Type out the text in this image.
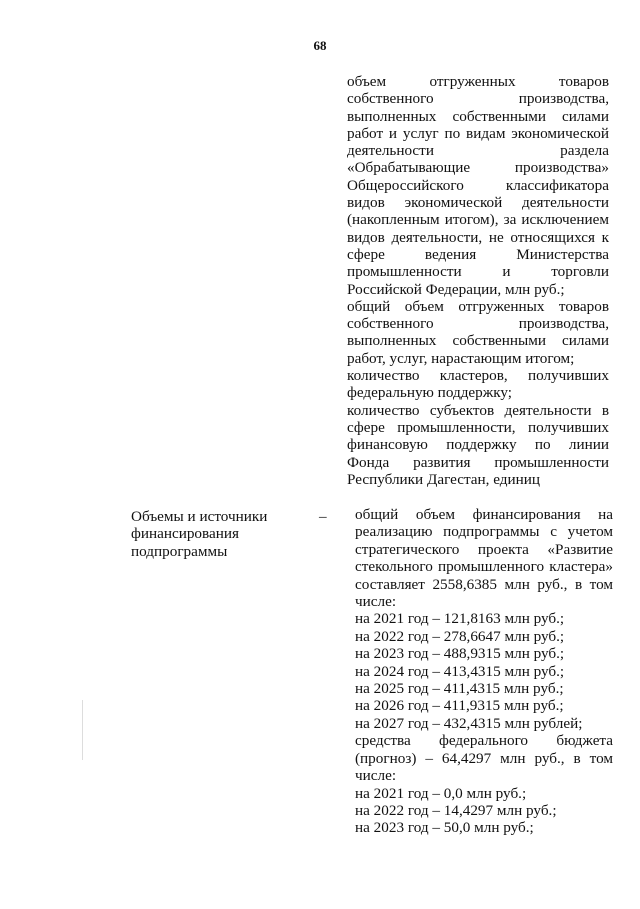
68

объем отгруженных товаров собственного производства, выполненных собственными силами работ и услуг по видам экономической деятельности раздела «Обрабатывающие производства» Общероссийского классификатора видов экономической деятельности (накопленным итогом), за исключением видов деятельности, не относящихся к сфере ведения Министерства промышленности и торговли Российской Федерации, млн руб.;

общий объем отгруженных товаров собственного производства, выполненных собственными силами работ, услуг, нарастающим итогом;

количество кластеров, получивших федеральную поддержку;

количество субъектов деятельности в сфере промышленности, получивших финансовую поддержку по линии Фонда развития промышленности Республики Дагестан, единиц

Объемы и источники финансирования подпрограммы
– общий объем финансирования на реализацию подпрограммы с учетом стратегического проекта «Развитие стекольного промышленного кластера» составляет 2558,6385 млн руб., в том числе:

на 2021 год – 121,8163 млн руб.;

на 2022 год – 278,6647 млн руб.;

на 2023 год – 488,9315 млн руб.;

на 2024 год – 413,4315 млн руб.;

на 2025 год – 411,4315 млн руб.;

на 2026 год – 411,9315 млн руб.;

на 2027 год – 432,4315 млн рублей;

средства федерального бюджета (прогноз) – 64,4297 млн руб., в том числе:

на 2021 год – 0,0 млн руб.;

на 2022 год – 14,4297 млн руб.;

на 2023 год – 50,0 млн руб.;
